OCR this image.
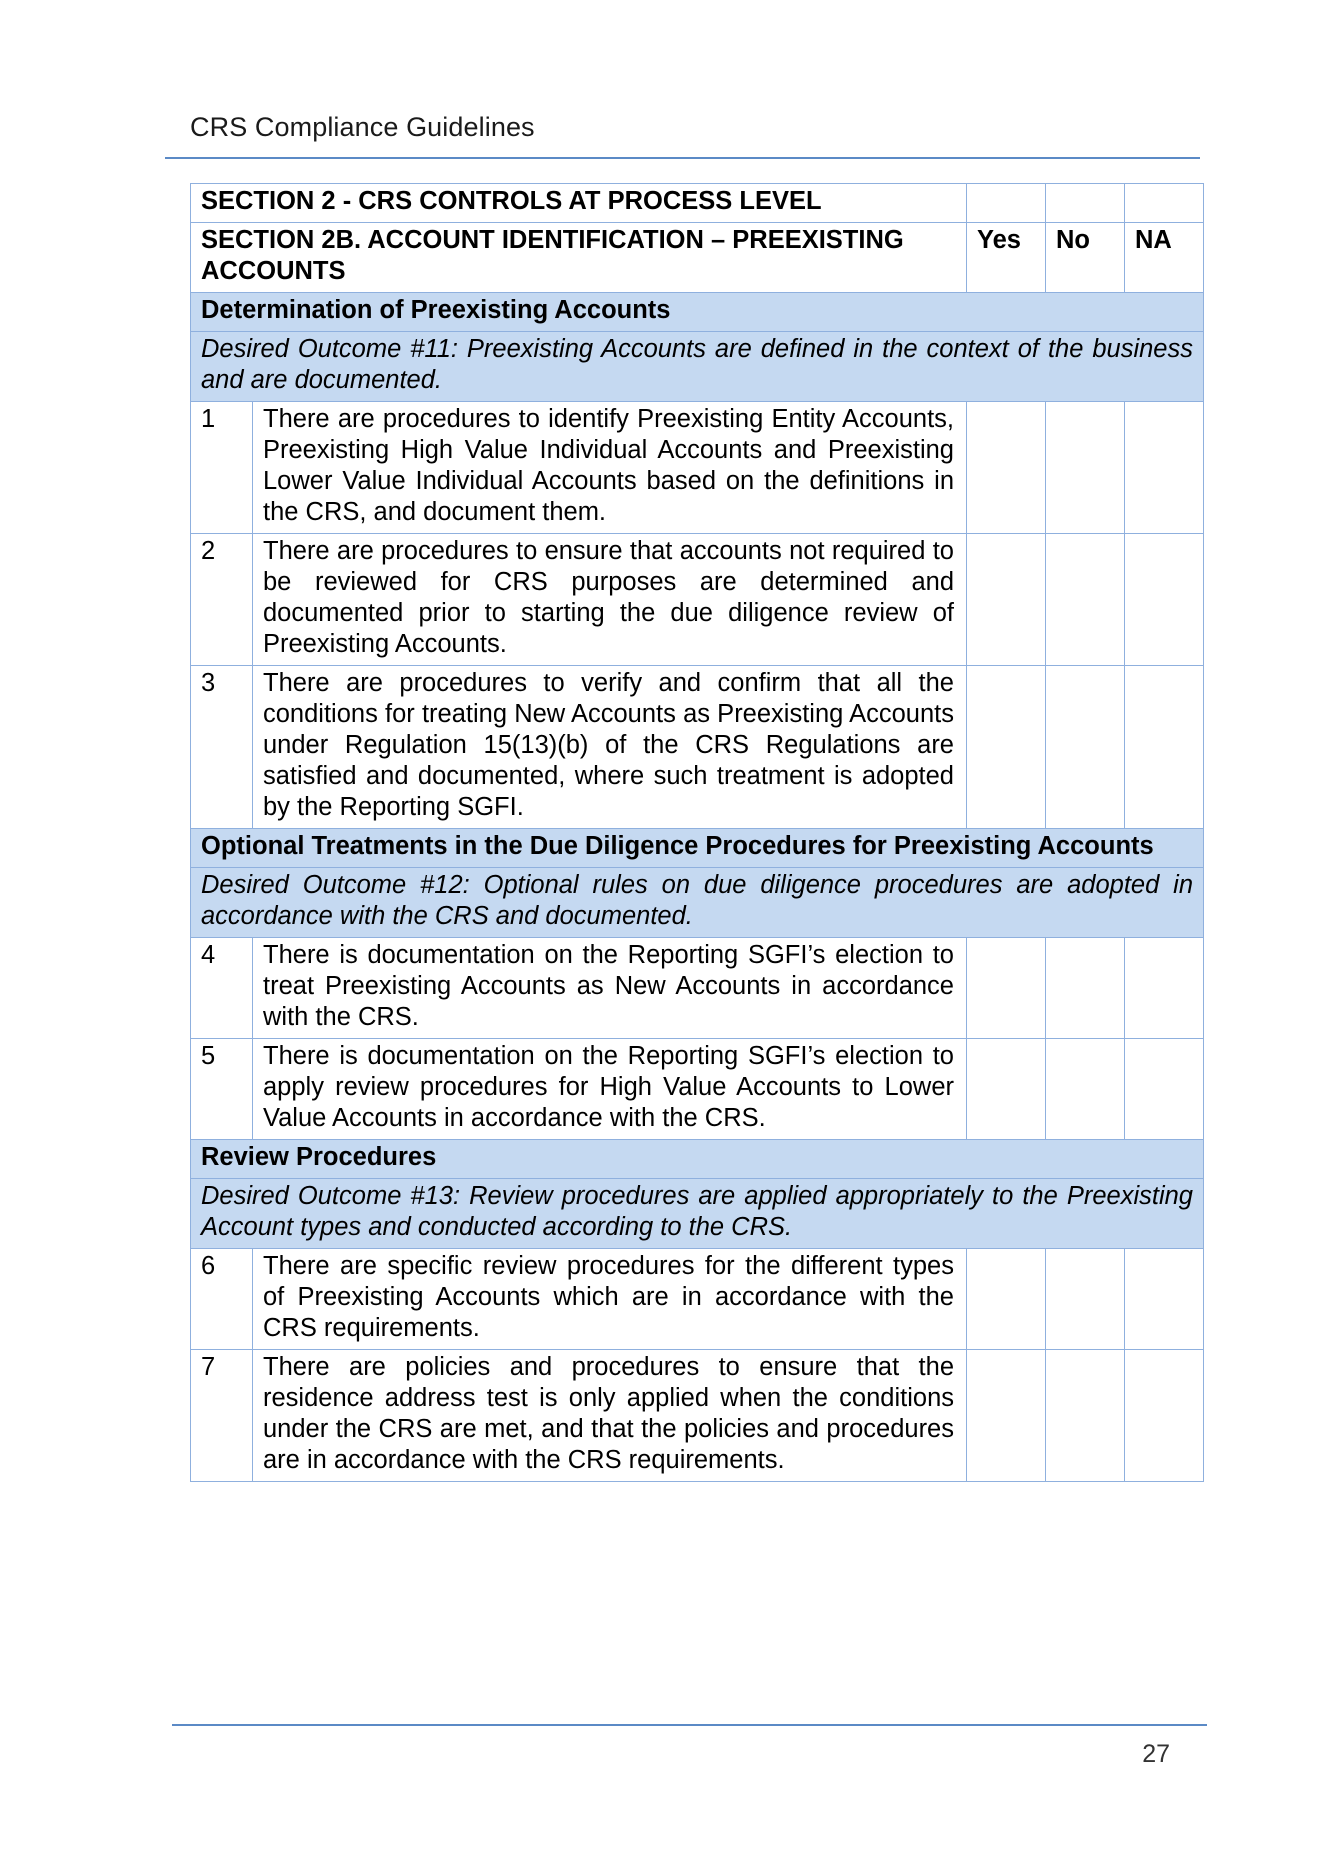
CRS Compliance Guidelines
SECTION 2 - CRS CONTROLS AT PROCESS LEVEL				
SECTION 2B. ACCOUNT IDENTIFICATION – PREEXISTING ACCOUNTS		Yes	No	NA
Determination of Preexisting Accounts				
Desired Outcome #11: Preexisting Accounts are defined in the context of the business and are documented.				
1	There are procedures to identify Preexisting Entity Accounts, Preexisting High Value Individual Accounts and Preexisting Lower Value Individual Accounts based on the definitions in the CRS, and document them.			
2	There are procedures to ensure that accounts not required to be reviewed for CRS purposes are determined and documented prior to starting the due diligence review of Preexisting Accounts.			
3	There are procedures to verify and confirm that all the conditions for treating New Accounts as Preexisting Accounts under Regulation 15(13)(b) of the CRS Regulations are satisfied and documented, where such treatment is adopted by the Reporting SGFI.			
Optional Treatments in the Due Diligence Procedures for Preexisting Accounts				
Desired Outcome #12: Optional rules on due diligence procedures are adopted in accordance with the CRS and documented.				
4	There is documentation on the Reporting SGFI’s election to treat Preexisting Accounts as New Accounts in accordance with the CRS.			
5	There is documentation on the Reporting SGFI’s election to apply review procedures for High Value Accounts to Lower Value Accounts in accordance with the CRS.			
Review Procedures				
Desired Outcome #13: Review procedures are applied appropriately to the Preexisting Account types and conducted according to the CRS.				
6	There are specific review procedures for the different types of Preexisting Accounts which are in accordance with the CRS requirements.			
7	There are policies and procedures to ensure that the residence address test is only applied when the conditions under the CRS are met, and that the policies and procedures are in accordance with the CRS requirements.			
27
